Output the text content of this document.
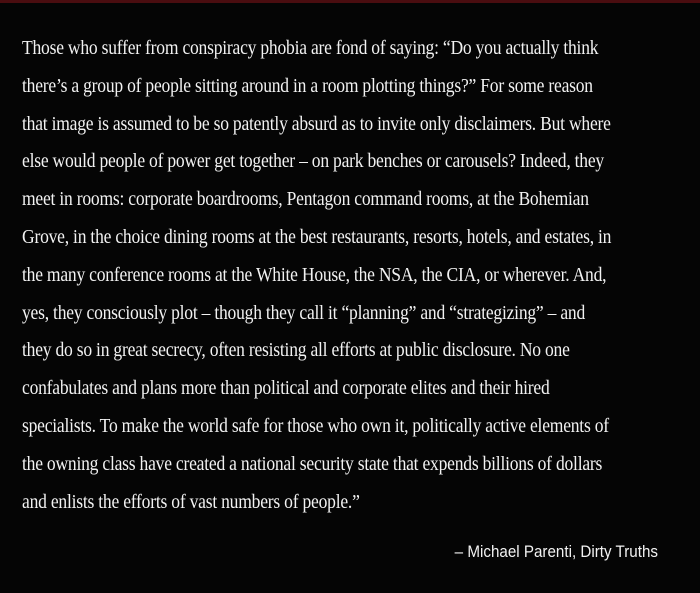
Those who suffer from conspiracy phobia are fond of saying: “Do you actually think
there’s a group of people sitting around in a room plotting things?” For some reason
that image is assumed to be so patently absurd as to invite only disclaimers. But where
else would people of power get together – on park benches or carousels? Indeed, they
meet in rooms: corporate boardrooms, Pentagon command rooms, at the Bohemian
Grove, in the choice dining rooms at the best restaurants, resorts, hotels, and estates, in
the many conference rooms at the White House, the NSA, the CIA, or wherever. And,
yes, they consciously plot – though they call it “planning” and “strategizing” – and
they do so in great secrecy, often resisting all efforts at public disclosure. No one
confabulates and plans more than political and corporate elites and their hired
specialists. To make the world safe for those who own it, politically active elements of
the owning class have created a national security state that expends billions of dollars
and enlists the efforts of vast numbers of people.”

– Michael Parenti, Dirty Truths
